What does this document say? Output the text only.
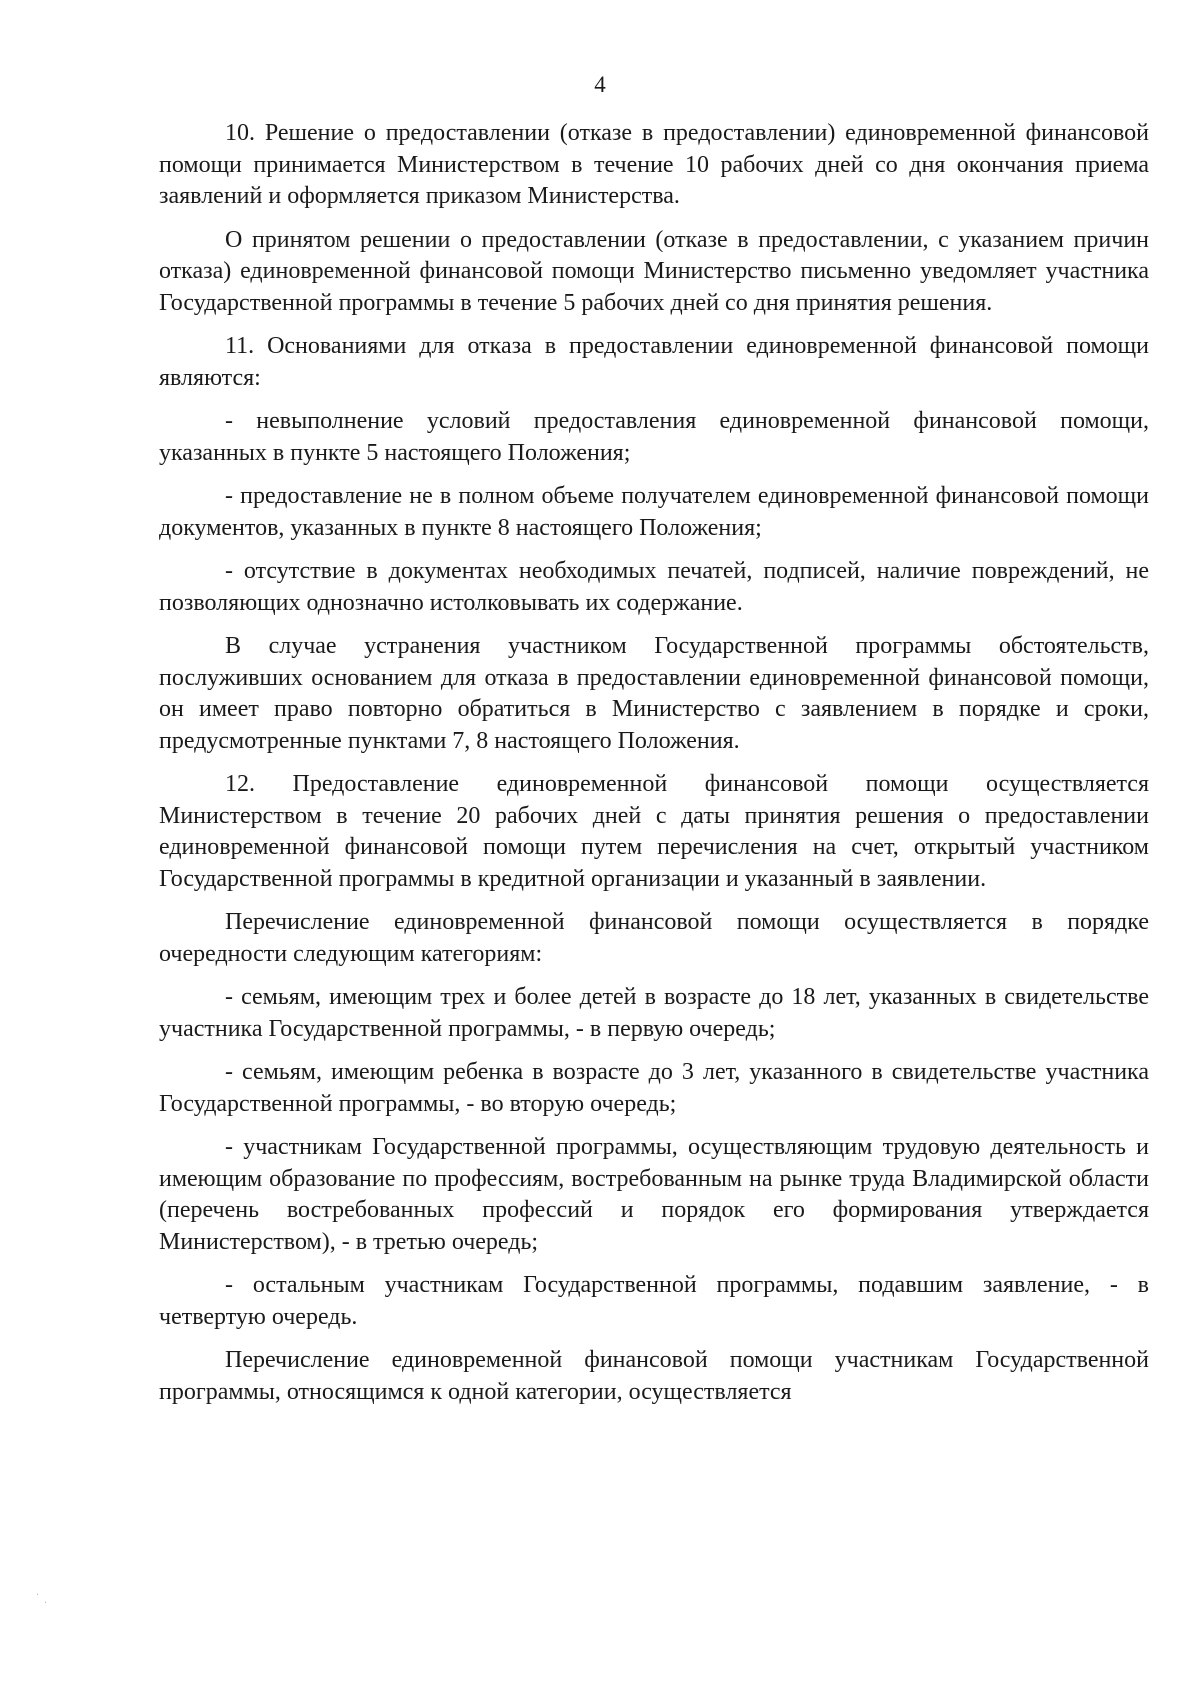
4

10. Решение о предоставлении (отказе в предоставлении) единовременной финансовой помощи принимается Министерством в течение 10 рабочих дней со дня окончания приема заявлений и оформляется приказом Министерства.

О принятом решении о предоставлении (отказе в предоставлении, с указанием причин отказа) единовременной финансовой помощи Министерство письменно уведомляет участника Государственной программы в течение 5 рабочих дней со дня принятия решения.

11. Основаниями для отказа в предоставлении единовременной финансовой помощи являются:

- невыполнение условий предоставления единовременной финансовой помощи, указанных в пункте 5 настоящего Положения;

- предоставление не в полном объеме получателем единовременной финансовой помощи документов, указанных в пункте 8 настоящего Положения;

- отсутствие в документах необходимых печатей, подписей, наличие повреждений, не позволяющих однозначно истолковывать их содержание.

В случае устранения участником Государственной программы обстоятельств, послуживших основанием для отказа в предоставлении единовременной финансовой помощи, он имеет право повторно обратиться в Министерство с заявлением в порядке и сроки, предусмотренные пунктами 7, 8 настоящего Положения.

12. Предоставление единовременной финансовой помощи осуществляется Министерством в течение 20 рабочих дней с даты принятия решения о предоставлении единовременной финансовой помощи путем перечисления на счет, открытый участником Государственной программы в кредитной организации и указанный в заявлении.

Перечисление единовременной финансовой помощи осуществляется в порядке очередности следующим категориям:

- семьям, имеющим трех и более детей в возрасте до 18 лет, указанных в свидетельстве участника Государственной программы, - в первую очередь;

- семьям, имеющим ребенка в возрасте до 3 лет, указанного в свидетельстве участника Государственной программы, - во вторую очередь;

- участникам Государственной программы, осуществляющим трудовую деятельность и имеющим образование по профессиям, востребованным на рынке труда Владимирской области (перечень востребованных профессий и порядок его формирования утверждается Министерством), - в третью очередь;

- остальным участникам Государственной программы, подавшим заявление, - в четвертую очередь.

Перечисление единовременной финансовой помощи участникам Государственной программы, относящимся к одной категории, осуществляется

·
·
